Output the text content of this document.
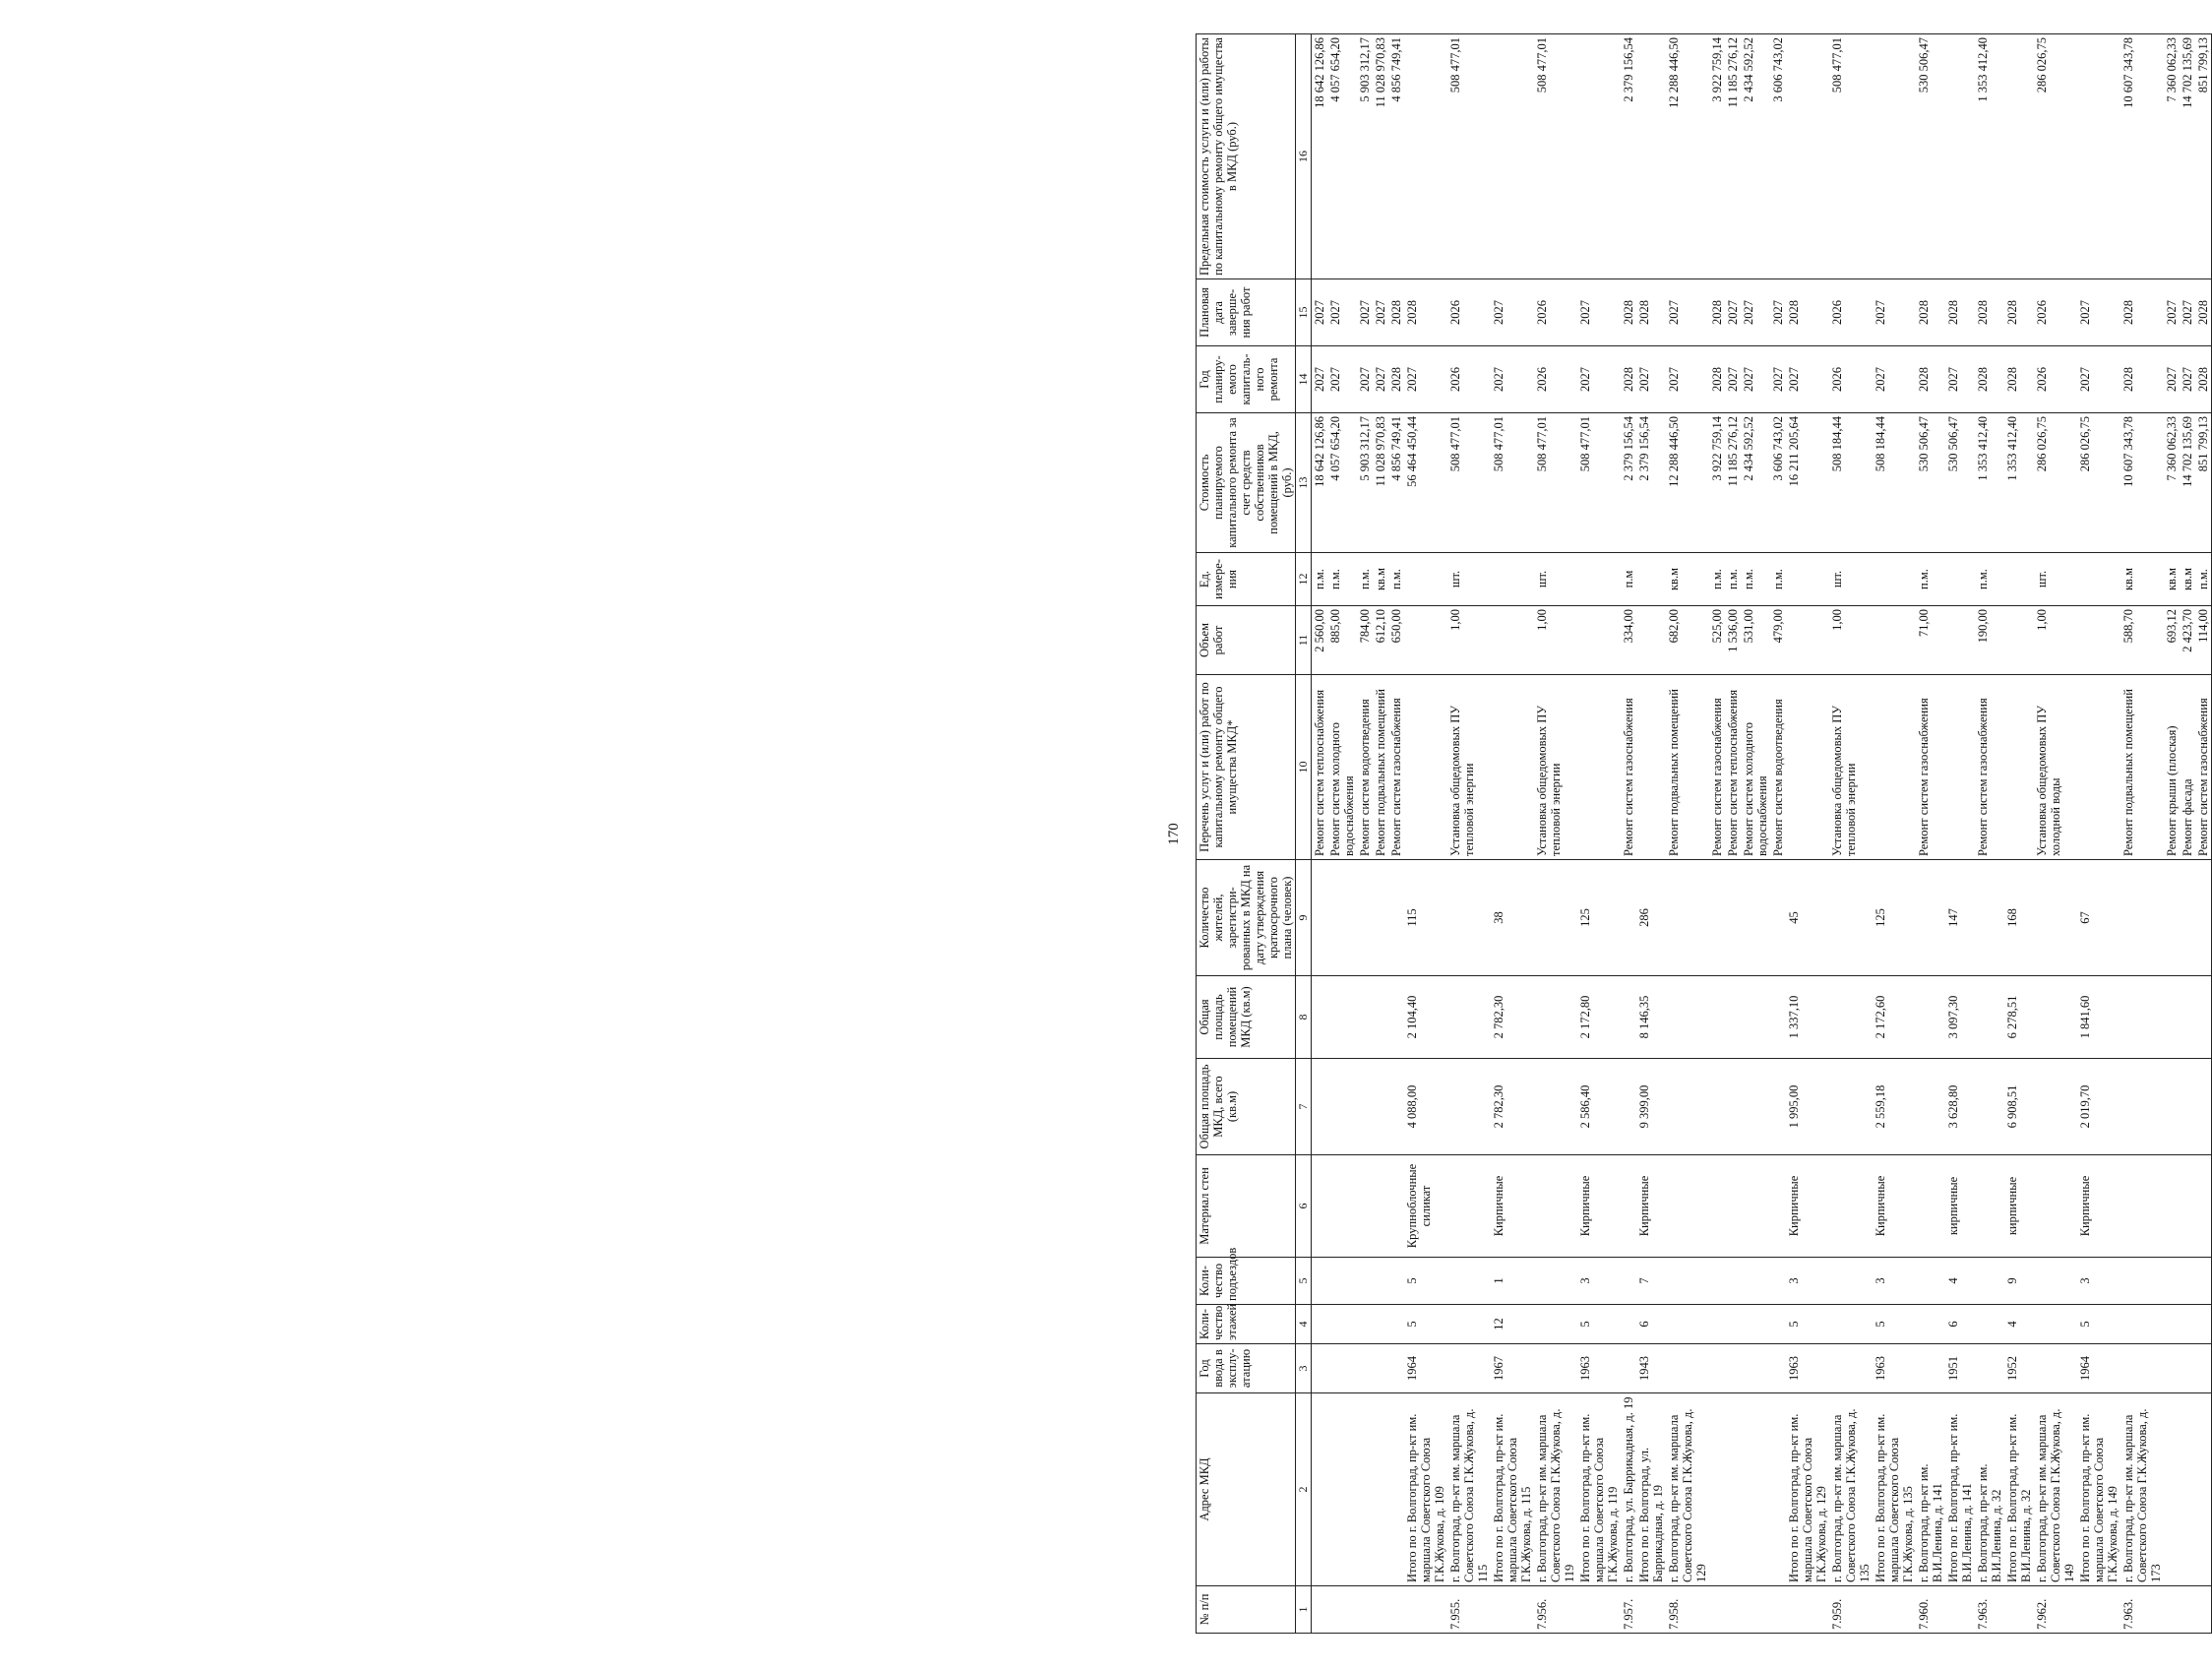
170
№ п/п	Адрес МКД	Год ввода в эксплу-атацию	Коли-чество этажей	Коли-чество подъездов	Материал стен	Общая площадь МКД, всего (кв.м)	Общая площадь помещений МКД (кв.м)	Количество жителей, зарегистри-рованных в МКД на дату утверждения краткосрочного плана (человек)	Перечень услуг и (или) работ по капитальному ремонту общего имущества МКД*	Объем работ	Ед. измере-ния	Стоимость планируемого капитального ремонта за счет средств собственников помещений в МКД, (руб.)	Год планиру-емого капиталь-ного ремонта	Плановая дата заверше-ния работ	Предельная стоимость услуги и (или) работы по капитальному ремонту общего имущества в МКД (руб.)
1	2	3	4	5	6	7	8	9	10	11	12	13	14	15	16
									Ремонт систем теплоснабжения	2 560,00	п.м.	18 642 126,86	2027	2027	18 642 126,86
									Ремонт систем холодного водоснабжения	885,00	п.м.	4 057 654,20	2027	2027	4 057 654,20
									Ремонт систем водоотведения	784,00	п.м.	5 903 312,17	2027	2027	5 903 312,17
									Ремонт подвальных помещений	612,10	кв.м	11 028 970,83	2027	2027	11 028 970,83
									Ремонт систем газоснабжения	650,00	п.м.	4 856 749,41	2028	2028	4 856 749,41
	Итого по г. Волгоград, пр-кт им. маршала Советского Союза Г.К.Жукова, д. 109	1964	5	5	Крупноблочные силикат	4 088,00	2 104,40	115				56 464 450,44	2027	2028	
7.955.	г. Волгоград, пр-кт им. маршала Советского Союза Г.К.Жукова, д. 115								Установка общедомовых ПУ тепловой энергии	1,00	шт.	508 477,01	2026	2026	508 477,01
	Итого по г. Волгоград, пр-кт им. маршала Советского Союза Г.К.Жукова, д. 115	1967	12	1	Кирпичные	2 782,30	2 782,30	38				508 477,01	2027	2027	
7.956.	г. Волгоград, пр-кт им. маршала Советского Союза Г.К.Жукова, д. 119								Установка общедомовых ПУ тепловой энергии	1,00	шт.	508 477,01	2026	2026	508 477,01
	Итого по г. Волгоград, пр-кт им. маршала Советского Союза Г.К.Жукова, д. 119	1963	5	3	Кирпичные	2 586,40	2 172,80	125				508 477,01	2027	2027	
7.957.	г. Волгоград, ул. Баррикадная, д. 19								Ремонт систем газоснабжения	334,00	п.м	2 379 156,54	2028	2028	2 379 156,54
	Итого по г. Волгоград, ул. Баррикадная, д. 19	1943	6	7	Кирпичные	9 399,00	8 146,35	286				2 379 156,54	2027	2028	
7.958.	г. Волгоград, пр-кт им. маршала Советского Союза Г.К.Жукова, д. 129								Ремонт подвальных помещений	682,00	кв.м	12 288 446,50	2027	2027	12 288 446,50
									Ремонт систем газоснабжения	525,00	п.м.	3 922 759,14	2028	2028	3 922 759,14
									Ремонт систем теплоснабжения	1 536,00	п.м.	11 185 276,12	2027	2027	11 185 276,12
									Ремонт систем холодного водоснабжения	531,00	п.м.	2 434 592,52	2027	2027	2 434 592,52
									Ремонт систем водоотведения	479,00	п.м.	3 606 743,02	2027	2027	3 606 743,02
	Итого по г. Волгоград, пр-кт им. маршала Советского Союза Г.К.Жукова, д. 129	1963	5	3	Кирпичные	1 995,00	1 337,10	45				16 211 205,64	2027	2028	
7.959.	г. Волгоград, пр-кт им. маршала Советского Союза Г.К.Жукова, д. 135								Установка общедомовых ПУ тепловой энергии	1,00	шт.	508 184,44	2026	2026	508 477,01
	Итого по г. Волгоград, пр-кт им. маршала Советского Союза Г.К.Жукова, д. 135	1963	5	3	Кирпичные	2 559,18	2 172,60	125				508 184,44	2027	2027	
7.960.	г. Волгоград, пр-кт им. В.И.Ленина, д. 141								Ремонт систем газоснабжения	71,00	п.м.	530 506,47	2028	2028	530 506,47
	Итого по г. Волгоград, пр-кт им. В.И.Ленина, д. 141	1951	6	4	кирпичные	3 628,80	3 097,30	147				530 506,47	2027	2028	
7.963.	г. Волгоград, пр-кт им. В.И.Ленина, д. 32								Ремонт систем газоснабжения	190,00	п.м.	1 353 412,40	2028	2028	1 353 412,40
	Итого по г. Волгоград, пр-кт им. В.И.Ленина, д. 32	1952	4	9	кирпичные	6 908,51	6 278,51	168				1 353 412,40	2028	2028	
7.962.	г. Волгоград, пр-кт им. маршала Советского Союза Г.К.Жукова, д. 149								Установка общедомовых ПУ холодной воды	1,00	шт.	286 026,75	2026	2026	286 026,75
	Итого по г. Волгоград, пр-кт им. маршала Советского Союза Г.К.Жукова, д. 149	1964	5	3	Кирпичные	2 019,70	1 841,60	67				286 026,75	2027	2027	
7.963.	г. Волгоград, пр-кт им. маршала Советского Союза Г.К.Жукова, д. 173								Ремонт подвальных помещений	588,70	кв.м	10 607 343,78	2028	2028	10 607 343,78
									Ремонт крыши (плоская)	693,12	кв.м	7 360 062,33	2027	2027	7 360 062,33
									Ремонт фасада	2 423,70	кв.м	14 702 135,69	2027	2027	14 702 135,69
									Ремонт систем газоснабжения	114,00	п.м.	851 799,13	2028	2028	851 799,13
